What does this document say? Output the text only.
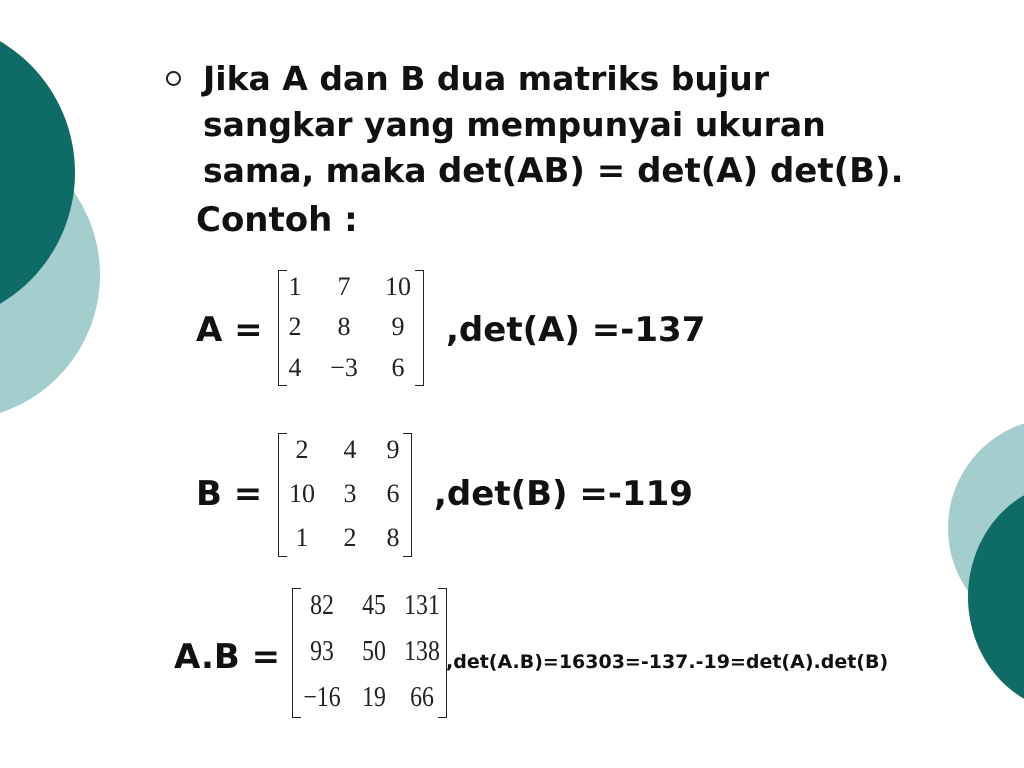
Jika A dan B dua matriks bujur
sangkar yang mempunyai ukuran
sama, maka det(AB) = det(A) det(B).
Contoh :
A =
1	7	10
2	8	9
4	−3	6
,det(A) =-137
B =
2	4	9
10	3	6
1	2	8
,det(B) =-119
A.B =
82	45 131
93	50 138
−16 19 66
,det(A.B)=16303=-137.-19=det(A).det(B)
